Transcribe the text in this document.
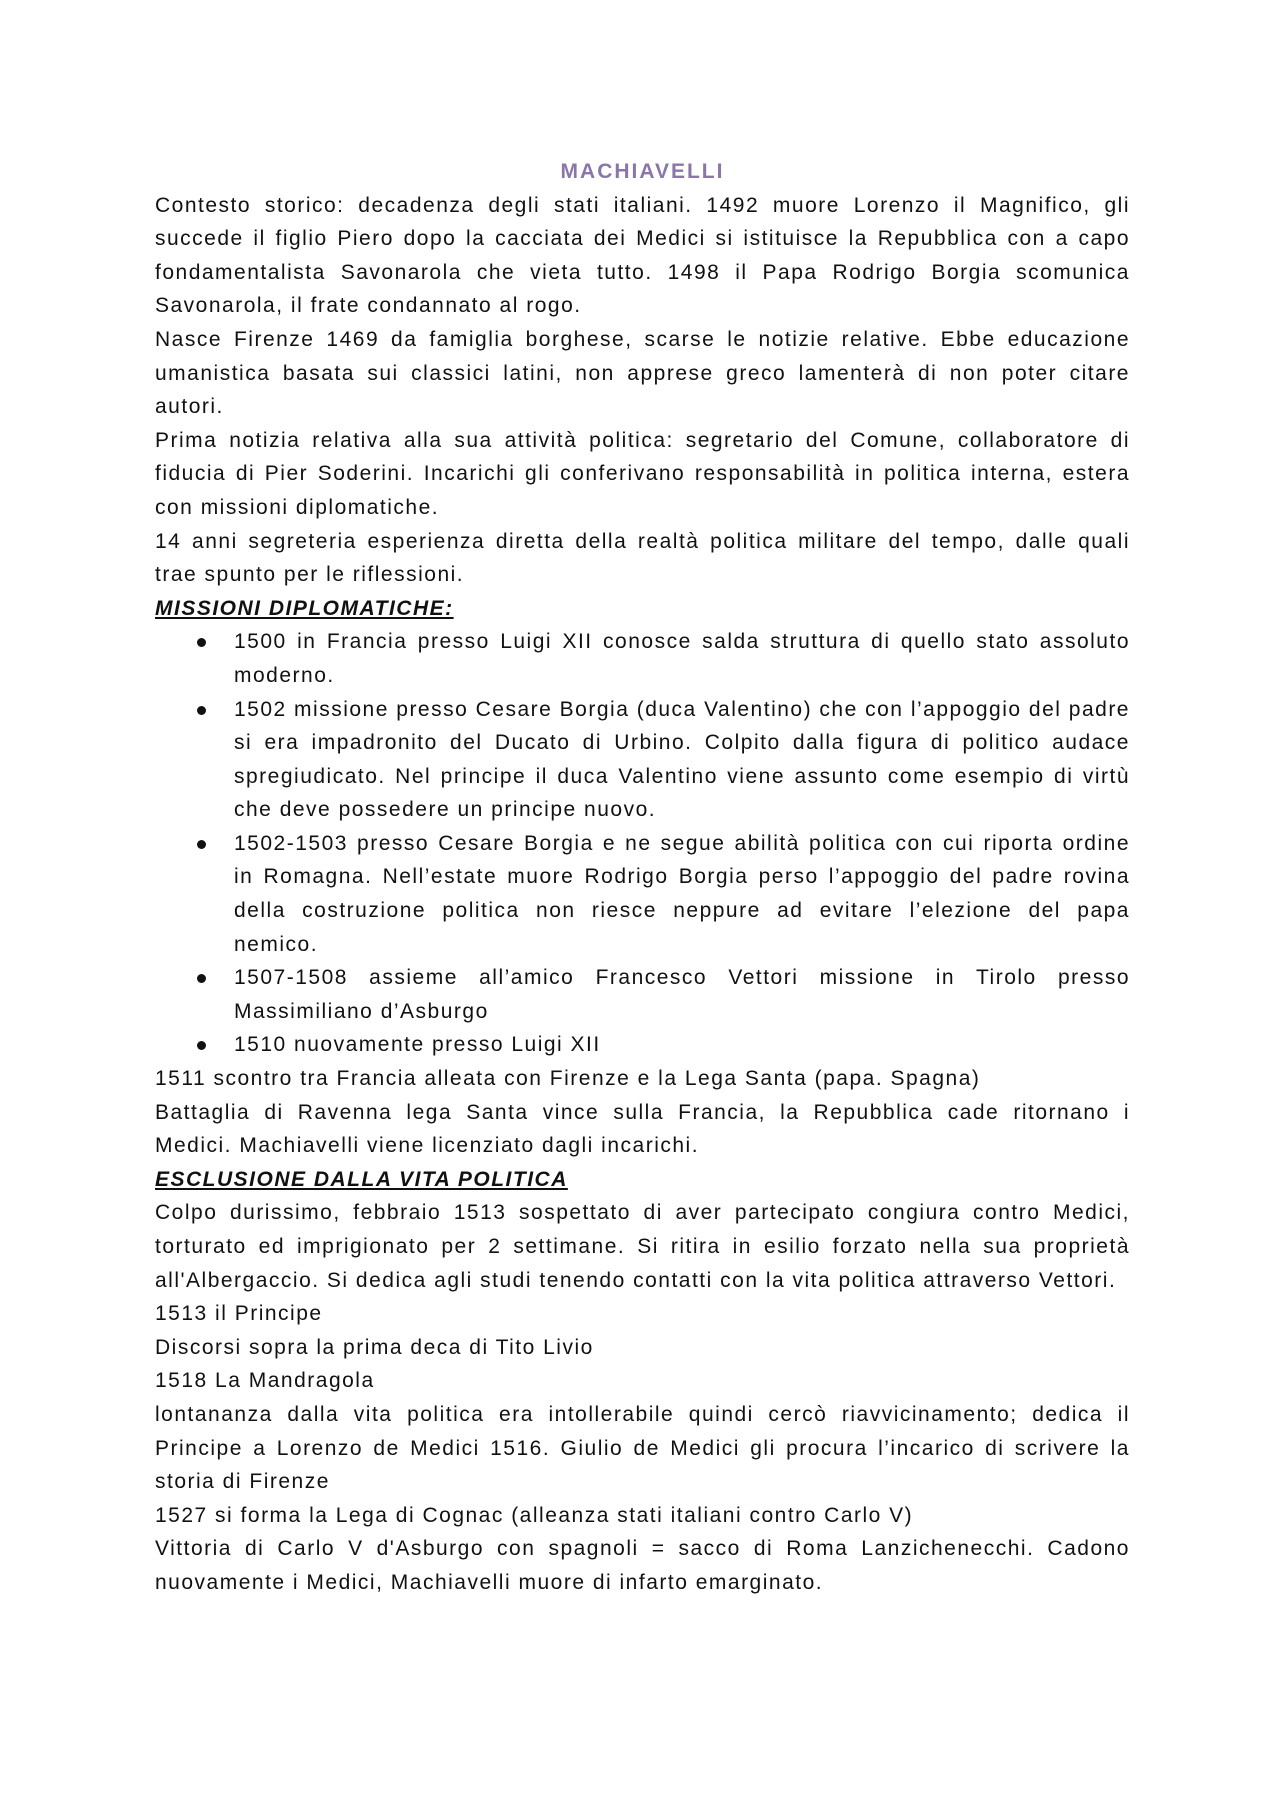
MACHIAVELLI

Contesto storico: decadenza degli stati italiani. 1492 muore Lorenzo il Magnifico, gli succede il figlio Piero dopo la cacciata dei Medici si istituisce la Repubblica con a capo fondamentalista Savonarola che vieta tutto. 1498 il Papa Rodrigo Borgia scomunica Savonarola, il frate condannato al rogo.

Nasce Firenze 1469 da famiglia borghese, scarse le notizie relative. Ebbe educazione umanistica basata sui classici latini, non apprese greco lamenterà di non poter citare autori.

Prima notizia relativa alla sua attività politica: segretario del Comune, collaboratore di fiducia di Pier Soderini. Incarichi gli conferivano responsabilità in politica interna, estera con missioni diplomatiche.

14 anni segreteria esperienza diretta della realtà politica militare del tempo, dalle quali trae spunto per le riflessioni.

MISSIONI DIPLOMATICHE:
1500 in Francia presso Luigi XII conosce salda struttura di quello stato assoluto moderno.
1502 missione presso Cesare Borgia (duca Valentino) che con l’appoggio del padre si era impadronito del Ducato di Urbino. Colpito dalla figura di politico audace spregiudicato. Nel principe il duca Valentino viene assunto come esempio di virtù che deve possedere un principe nuovo.
1502-1503 presso Cesare Borgia e ne segue abilità politica con cui riporta ordine in Romagna. Nell’estate muore Rodrigo Borgia perso l’appoggio del padre rovina della costruzione politica non riesce neppure ad evitare l’elezione del papa nemico.
1507-1508 assieme all’amico Francesco Vettori missione in Tirolo presso Massimiliano d’Asburgo
1510 nuovamente presso Luigi XII

1511 scontro tra Francia alleata con Firenze e la Lega Santa (papa. Spagna)

Battaglia di Ravenna lega Santa vince sulla Francia, la Repubblica cade ritornano i Medici. Machiavelli viene licenziato dagli incarichi.

ESCLUSIONE DALLA VITA POLITICA

Colpo durissimo, febbraio 1513 sospettato di aver partecipato congiura contro Medici, torturato ed imprigionato per 2 settimane. Si ritira in esilio forzato nella sua proprietà all'Albergaccio. Si dedica agli studi tenendo contatti con la vita politica attraverso Vettori.

1513 il Principe

Discorsi sopra la prima deca di Tito Livio

1518 La Mandragola

lontananza dalla vita politica era intollerabile quindi cercò riavvicinamento; dedica il Principe a Lorenzo de Medici 1516. Giulio de Medici gli procura l’incarico di scrivere la storia di Firenze

1527 si forma la Lega di Cognac (alleanza stati italiani contro Carlo V)

Vittoria di Carlo V d'Asburgo con spagnoli = sacco di Roma Lanzichenecchi. Cadono nuovamente i Medici, Machiavelli muore di infarto emarginato.
